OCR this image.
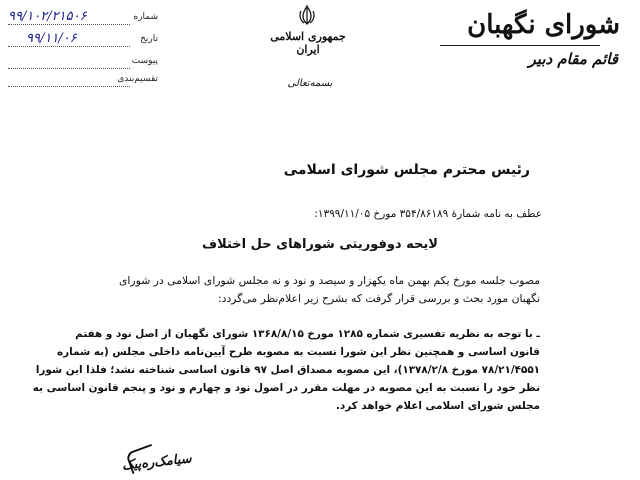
شماره
۹۹/۱۰۲/۲۱۵۰۶
تاریخ
۹۹/۱۱/۰۶
پیوست
تقسیم‌بندی
جمهوری اسلامی ایران
بسمه‌تعالی
شورای نگهبان
قائم مقام دبیر
رئیس محترم مجلس شورای اسلامی
عطف به نامه شمارهٔ ۳۵۴/۸۶۱۸۹ مورخ ۱۳۹۹/۱۱/۰۵:
لایحه دوفوریتی شوراهای حل اختلاف
مصوب جلسه مورخ یکم بهمن ماه یکهزار و سیصد و نود و نه مجلس شورای اسلامی در شورای
نگهبان مورد بحث و بررسی قرار گرفت که بشرح زیر اعلام‌نظر می‌گردد:
ـ با توجه به نظریه تفسیری شماره ۱۲۸۵ مورخ ۱۳۶۸/۸/۱۵ شورای نگهبان از اصل نود و هفتم
قانون اساسی و همچنین نظر این شورا نسبت به مصوبه طرح آیین‌نامه داخلی مجلس (به شماره
۷۸/۲۱/۴۵۵۱ مورخ ۱۳۷۸/۲/۸)، این مصوبه مصداق اصل ۹۷ قانون اساسی شناخته نشد؛ فلذا این شورا
نظر خود را نسبت به این مصوبه در مهلت مقرر در اصول نود و چهارم و نود و پنجم قانون اساسی به
مجلس شورای اسلامی اعلام خواهد کرد.
سیامک‌ره‌پیک
